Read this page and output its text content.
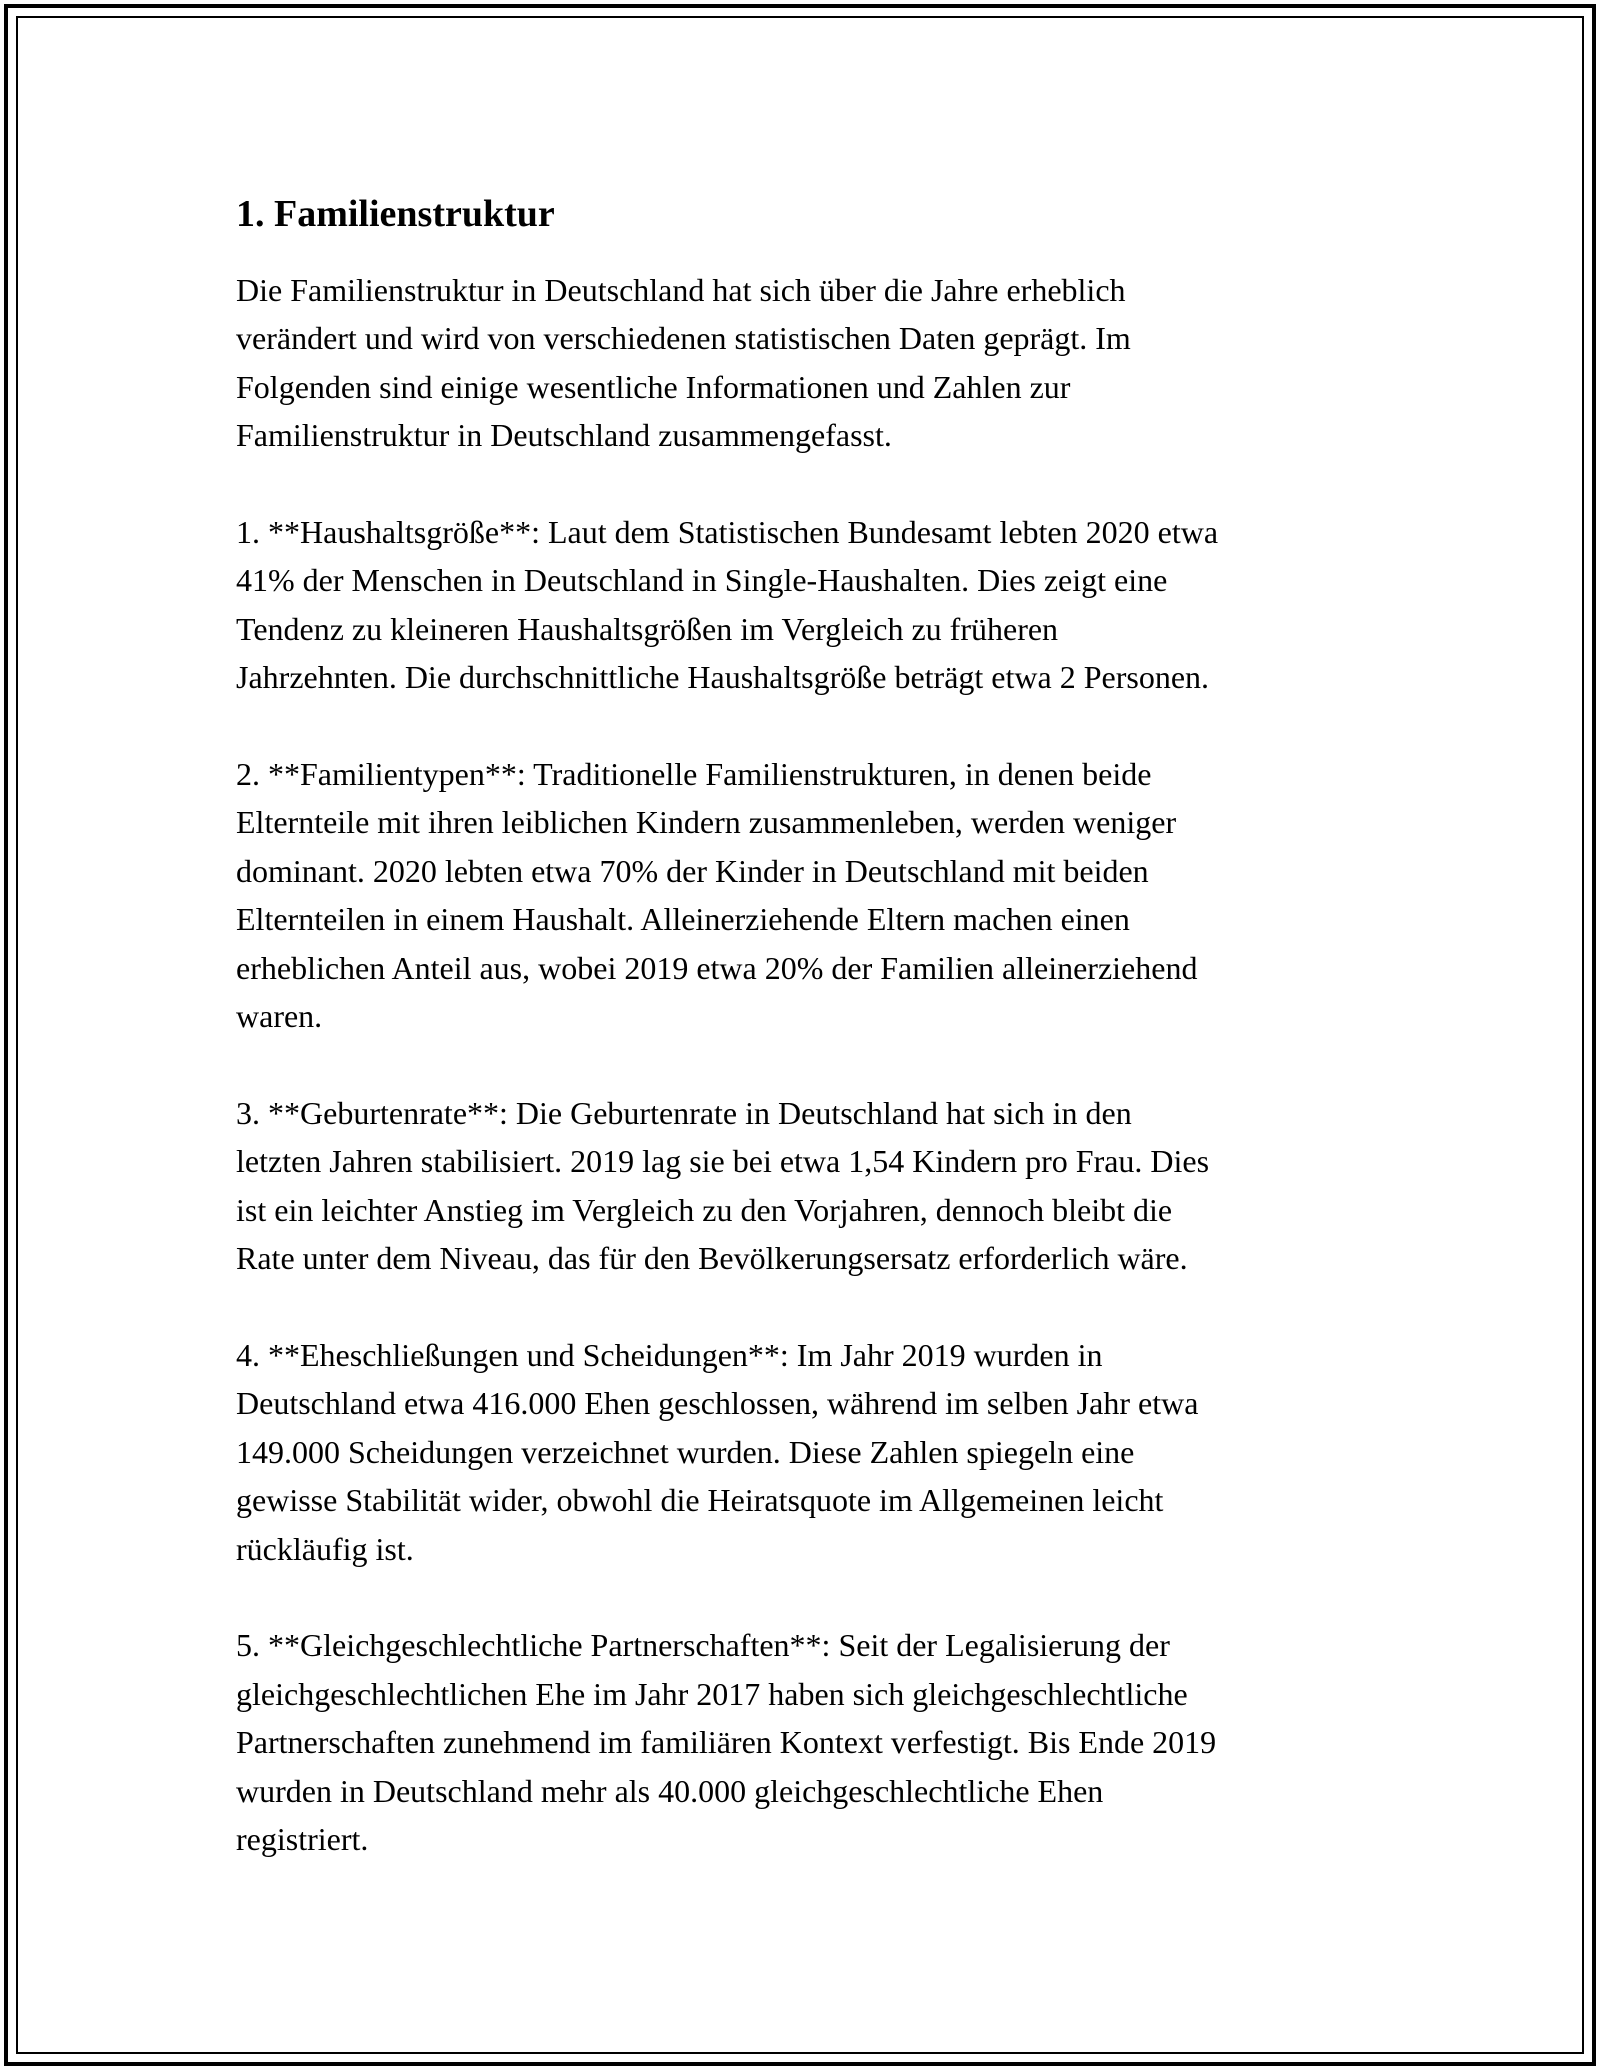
1. Familienstruktur

Die Familienstruktur in Deutschland hat sich über die Jahre erheblich
verändert und wird von verschiedenen statistischen Daten geprägt. Im
Folgenden sind einige wesentliche Informationen und Zahlen zur
Familienstruktur in Deutschland zusammengefasst.

1. **Haushaltsgröße**: Laut dem Statistischen Bundesamt lebten 2020 etwa
41% der Menschen in Deutschland in Single-Haushalten. Dies zeigt eine
Tendenz zu kleineren Haushaltsgrößen im Vergleich zu früheren
Jahrzehnten. Die durchschnittliche Haushaltsgröße beträgt etwa 2 Personen.

2. **Familientypen**: Traditionelle Familienstrukturen, in denen beide
Elternteile mit ihren leiblichen Kindern zusammenleben, werden weniger
dominant. 2020 lebten etwa 70% der Kinder in Deutschland mit beiden
Elternteilen in einem Haushalt. Alleinerziehende Eltern machen einen
erheblichen Anteil aus, wobei 2019 etwa 20% der Familien alleinerziehend
waren.

3. **Geburtenrate**: Die Geburtenrate in Deutschland hat sich in den
letzten Jahren stabilisiert. 2019 lag sie bei etwa 1,54 Kindern pro Frau. Dies
ist ein leichter Anstieg im Vergleich zu den Vorjahren, dennoch bleibt die
Rate unter dem Niveau, das für den Bevölkerungsersatz erforderlich wäre.

4. **Eheschließungen und Scheidungen**: Im Jahr 2019 wurden in
Deutschland etwa 416.000 Ehen geschlossen, während im selben Jahr etwa
149.000 Scheidungen verzeichnet wurden. Diese Zahlen spiegeln eine
gewisse Stabilität wider, obwohl die Heiratsquote im Allgemeinen leicht
rückläufig ist.

5. **Gleichgeschlechtliche Partnerschaften**: Seit der Legalisierung der
gleichgeschlechtlichen Ehe im Jahr 2017 haben sich gleichgeschlechtliche
Partnerschaften zunehmend im familiären Kontext verfestigt. Bis Ende 2019
wurden in Deutschland mehr als 40.000 gleichgeschlechtliche Ehen
registriert.
